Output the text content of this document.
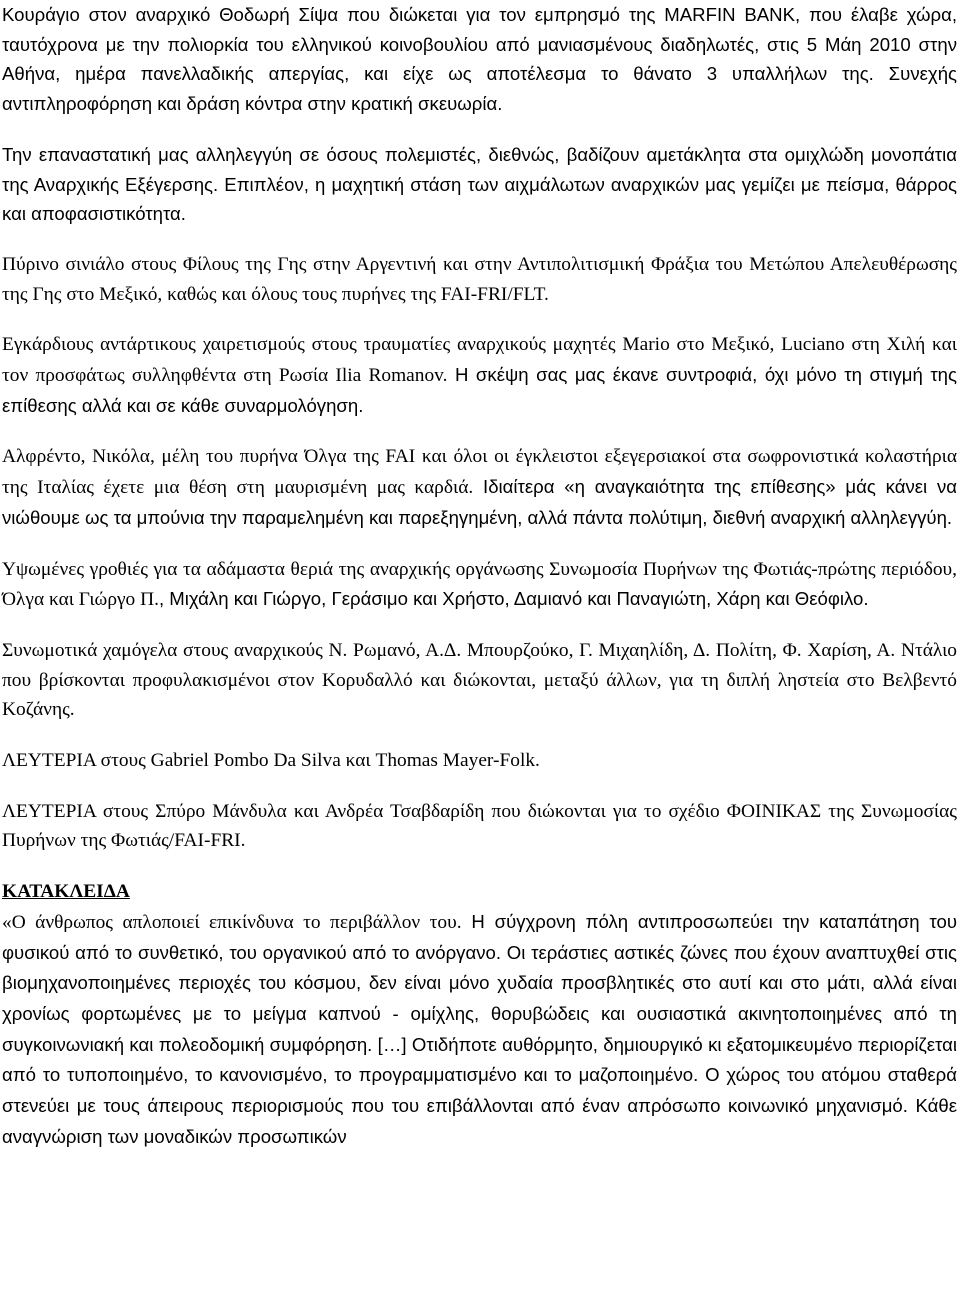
Κουράγιο στον αναρχικό Θοδωρή Σίψα που διώκεται για τον εμπρησμό της MARFIN BANK, που έλαβε χώρα, ταυτόχρονα με την πολιορκία του ελληνικού κοινοβουλίου από μανιασμένους διαδηλωτές, στις 5 Μάη 2010 στην Αθήνα, ημέρα πανελλαδικής απεργίας, και είχε ως αποτέλεσμα το θάνατο 3 υπαλλήλων της. Συνεχής αντιπληροφόρηση και δράση κόντρα στην κρατική σκευωρία.

Την επαναστατική μας αλληλεγγύη σε όσους πολεμιστές, διεθνώς, βαδίζουν αμετάκλητα στα ομιχλώδη μονοπάτια της Αναρχικής Εξέγερσης. Επιπλέον, η μαχητική στάση των αιχμάλωτων αναρχικών μας γεμίζει με πείσμα, θάρρος και αποφασιστικότητα.

Πύρινο σινιάλο στους Φίλους της Γης στην Αργεντινή και στην Αντιπολιτισμική Φράξια του Μετώπου Απελευθέρωσης της Γης στο Μεξικό, καθώς και όλους τους πυρήνες της FAI-FRI/FLT.

Εγκάρδιους αντάρτικους χαιρετισμούς στους τραυματίες αναρχικούς μαχητές Mario στο Μεξικό, Luciano στη Χιλή και τον προσφάτως συλληφθέντα στη Ρωσία Ilia Romanov. Η σκέψη σας μας έκανε συντροφιά, όχι μόνο τη στιγμή της επίθεσης αλλά και σε κάθε συναρμολόγηση.

Αλφρέντο, Νικόλα, μέλη του πυρήνα Όλγα της FAI και όλοι οι έγκλειστοι εξεγερσιακοί στα σωφρονιστικά κολαστήρια της Ιταλίας έχετε μια θέση στη μαυρισμένη μας καρδιά. Ιδιαίτερα «η αναγκαιότητα της επίθεσης» μάς κάνει να νιώθουμε ως τα μπούνια την παραμελημένη και παρεξηγημένη, αλλά πάντα πολύτιμη, διεθνή αναρχική αλληλεγγύη.

Υψωμένες γροθιές για τα αδάμαστα θεριά της αναρχικής οργάνωσης Συνωμοσία Πυρήνων της Φωτιάς-πρώτης περιόδου, Όλγα και Γιώργο Π., Μιχάλη και Γιώργο, Γεράσιμο και Χρήστο, Δαμιανό και Παναγιώτη, Χάρη και Θεόφιλο.

Συνωμοτικά χαμόγελα στους αναρχικούς Ν. Ρωμανό, Α.Δ. Μπουρζούκο, Γ. Μιχαηλίδη, Δ. Πολίτη, Φ. Χαρίση, Α. Ντάλιο που βρίσκονται προφυλακισμένοι στον Κορυδαλλό και διώκονται, μεταξύ άλλων, για τη διπλή ληστεία στο Βελβεντό Κοζάνης.

ΛΕΥΤΕΡΙΑ στους Gabriel Pombo Da Silva και Thomas Mayer-Folk.

ΛΕΥΤΕΡΙΑ στους Σπύρο Μάνδυλα και Ανδρέα Τσαβδαρίδη που διώκονται για το σχέδιο ΦΟΙΝΙΚΑΣ της Συνωμοσίας Πυρήνων της Φωτιάς/FAI-FRI.

ΚΑΤΑΚΛΕΙΔΑ
«Ο άνθρωπος απλοποιεί επικίνδυνα το περιβάλλον του. Η σύγχρονη πόλη αντιπροσωπεύει την καταπάτηση του φυσικού από το συνθετικό, του οργανικού από το ανόργανο. Οι τεράστιες αστικές ζώνες που έχουν αναπτυχθεί στις βιομηχανοποιημένες περιοχές του κόσμου, δεν είναι μόνο χυδαία προσβλητικές στο αυτί και στο μάτι, αλλά είναι χρονίως φορτωμένες με το μείγμα καπνού - ομίχλης, θορυβώδεις και ουσιαστικά ακινητοποιημένες από τη συγκοινωνιακή και πολεοδομική συμφόρηση. […] Οτιδήποτε αυθόρμητο, δημιουργικό κι εξατομικευμένο περιορίζεται από το τυποποιημένο, το κανονισμένο, το προγραμματισμένο και το μαζοποιημένο. Ο χώρος του ατόμου σταθερά στενεύει με τους άπειρους περιορισμούς που του επιβάλλονται από έναν απρόσωπο κοινωνικό μηχανισμό. Κάθε αναγνώριση των μοναδικών προσωπικών
